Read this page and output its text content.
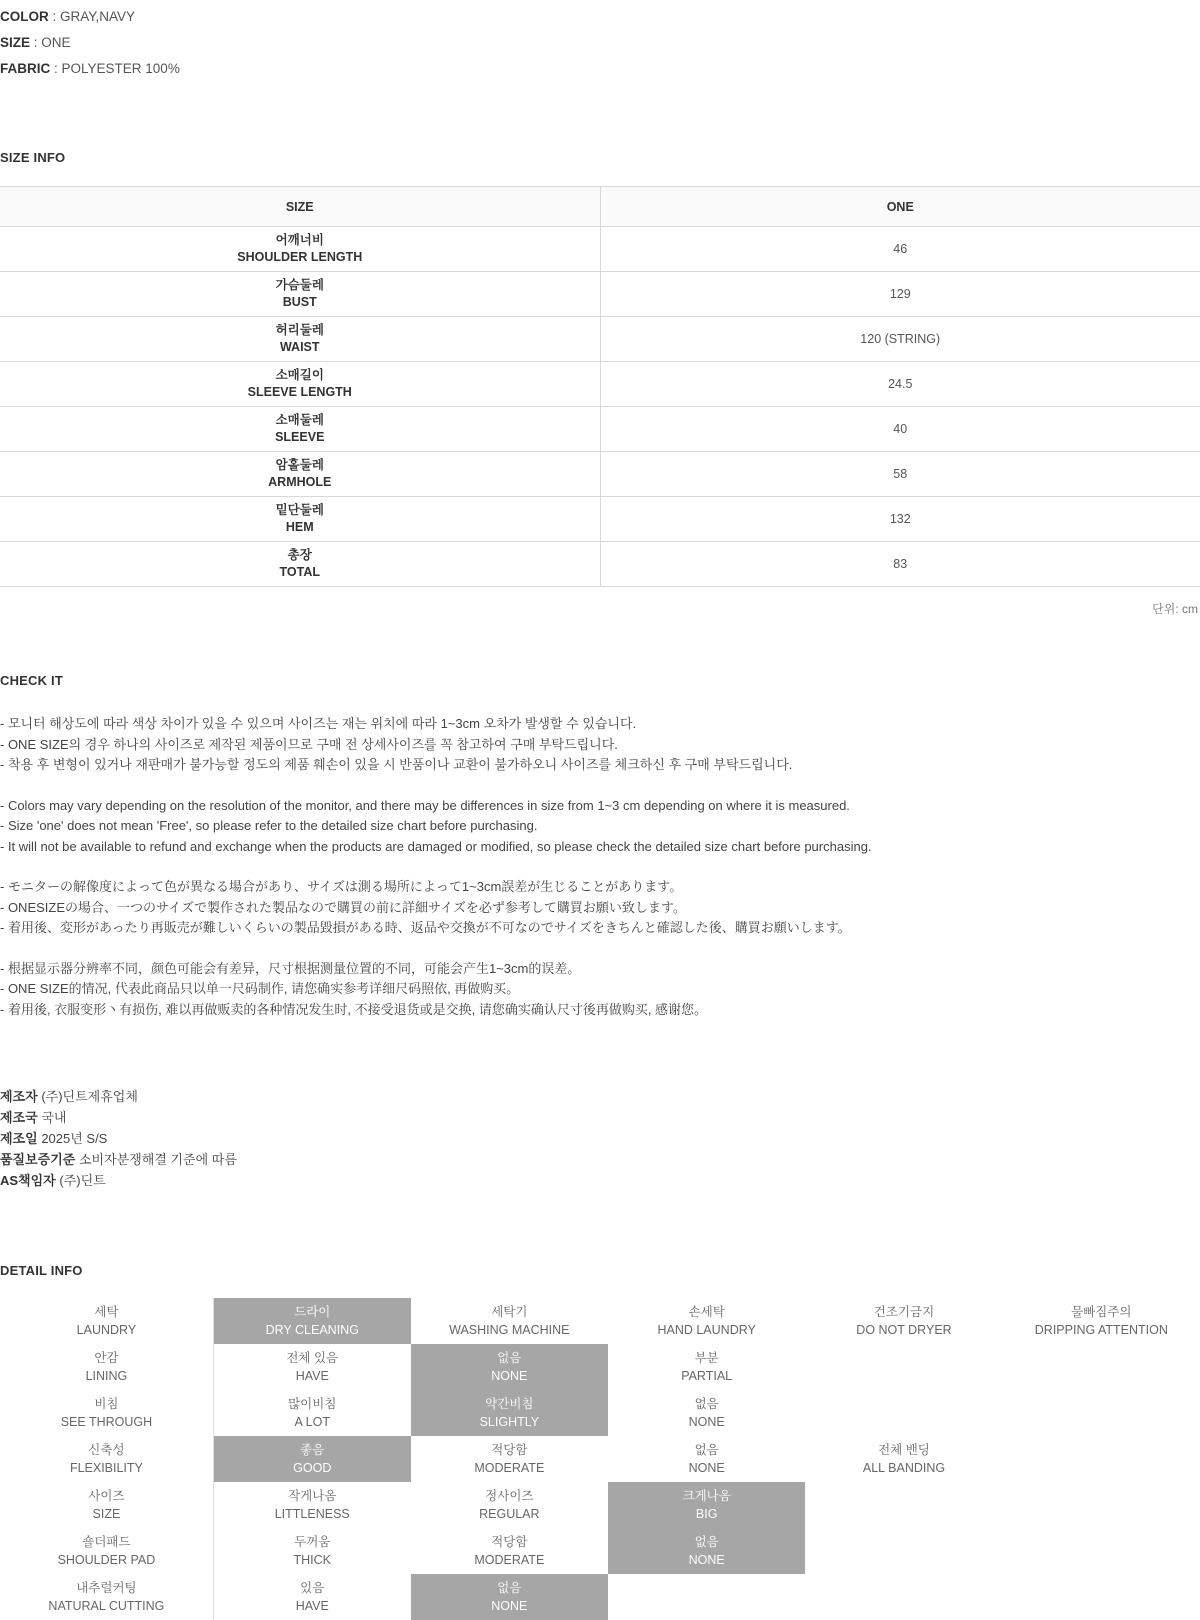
COLOR : GRAY,NAVY
SIZE : ONE
FABRIC : POLYESTER 100%
SIZE INFO
SIZE	ONE

어깨너비
SHOULDER LENGTH	46

가슴둘레
BUST	129

허리둘레
WAIST	120 (STRING)

소매길이
SLEEVE LENGTH	24.5

소매둘레
SLEEVE	40

암홀둘레
ARMHOLE	58

밑단둘레
HEM	132

총장
TOTAL	83
단위: cm
CHECK IT
- 모니터 해상도에 따라 색상 차이가 있을 수 있으며 사이즈는 재는 위치에 따라 1~3cm 오차가 발생할 수 있습니다.
- ONE SIZE의 경우 하나의 사이즈로 제작된 제품이므로 구매 전 상세사이즈를 꼭 참고하여 구매 부탁드립니다.
- 착용 후 변형이 있거나 재판매가 불가능할 정도의 제품 훼손이 있을 시 반품이나 교환이 불가하오니 사이즈를 체크하신 후 구매 부탁드립니다.
- Colors may vary depending on the resolution of the monitor, and there may be differences in size from 1~3 cm depending on where it is measured.
- Size 'one' does not mean 'Free', so please refer to the detailed size chart before purchasing.
- It will not be available to refund and exchange when the products are damaged or modified, so please check the detailed size chart before purchasing.
- モニターの解像度によって色が異なる場合があり、サイズは測る場所によって1~3cm誤差が生じることがあります。
- ONESIZEの場合、一つのサイズで製作された製品なので購買の前に詳細サイズを必ず参考して購買お願い致します。
- 着用後、変形があったり再販売が難しいくらいの製品毀損がある時、返品や交換が不可なのでサイズをきちんと確認した後、購買お願いします。
- 根据显示器分辨率不同，颜色可能会有差异，尺寸根据测量位置的不同，可能会产生1~3cm的误差。
- ONE SIZE的情况, 代表此商品只以单一尺码制作, 请您确实参考详细尺码照依, 再做购买。
- 着用後, 衣服变形丶有损伤, 难以再做贩卖的各种情况发生时, 不接受退货或是交换, 请您确实确认尺寸後再做购买, 感谢您。
제조자 (주)딘트제휴업체
제조국 국내
제조일 2025년 S/S
품질보증기준 소비자분쟁해결 기준에 따름
AS책임자 (주)딘트
DETAIL INFO
세탁
LAUNDRY	드라이
DRY CLEANING	세탁기
WASHING MACHINE	손세탁
HAND LAUNDRY	건조기금지
DO NOT DRYER	물빠짐주의
DRIPPING ATTENTION

안감
LINING	전체 있음
HAVE	없음
NONE	부분
PARTIAL		

비침
SEE THROUGH	많이비침
A LOT	약간비침
SLIGHTLY	없음
NONE		

신축성
FLEXIBILITY	좋음
GOOD	적당함
MODERATE	없음
NONE	전체 밴딩
ALL BANDING	

사이즈
SIZE	작게나옴
LITTLENESS	정사이즈
REGULAR	크게나옴
BIG		

숄더패드
SHOULDER PAD	두꺼움
THICK	적당함
MODERATE	없음
NONE		

내추럴커팅
NATURAL CUTTING	있음
HAVE	없음
NONE			
